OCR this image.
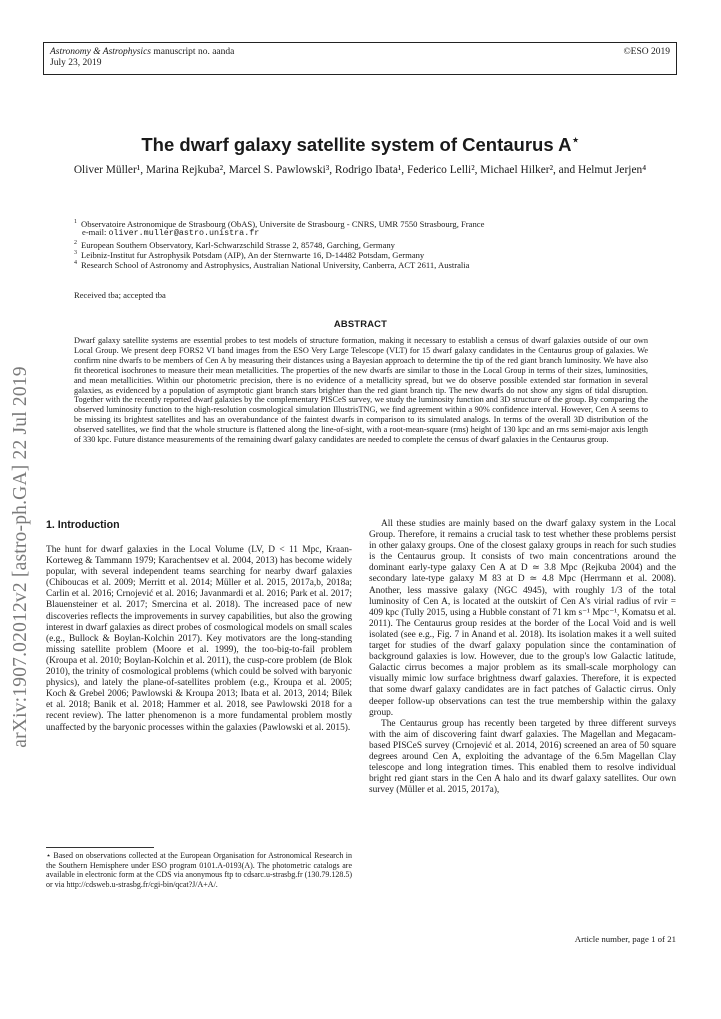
Astronomy & Astrophysics manuscript no. aanda	©ESO 2019
July 23, 2019
The dwarf galaxy satellite system of Centaurus A⋆
Oliver Müller¹, Marina Rejkuba², Marcel S. Pawlowski³, Rodrigo Ibata¹, Federico Lelli², Michael Hilker², and Helmut Jerjen⁴
$^1$ Observatoire Astronomique de Strasbourg (ObAS), Universite de Strasbourg - CNRS, UMR 7550 Strasbourg, France
e-mail: oliver.muller@astro.unistra.fr
$^2$ European Southern Observatory, Karl-Schwarzschild Strasse 2, 85748, Garching, Germany
$^3$ Leibniz-Institut fur Astrophysik Potsdam (AIP), An der Sternwarte 16, D-14482 Potsdam, Germany
$^4$ Research School of Astronomy and Astrophysics, Australian National University, Canberra, ACT 2611, Australia
Received tba; accepted tba
ABSTRACT
Dwarf galaxy satellite systems are essential probes to test models of structure formation, making it necessary to establish a census of dwarf galaxies outside of our own Local Group. We present deep FORS2 VI band images from the ESO Very Large Telescope (VLT) for 15 dwarf galaxy candidates in the Centaurus group of galaxies. We confirm nine dwarfs to be members of Cen A by measuring their distances using a Bayesian approach to determine the tip of the red giant branch luminosity. We have also fit theoretical isochrones to measure their mean metallicities. The properties of the new dwarfs are similar to those in the Local Group in terms of their sizes, luminosities, and mean metallicities. Within our photometric precision, there is no evidence of a metallicity spread, but we do observe possible extended star formation in several galaxies, as evidenced by a population of asymptotic giant branch stars brighter than the red giant branch tip. The new dwarfs do not show any signs of tidal disruption. Together with the recently reported dwarf galaxies by the complementary PISCeS survey, we study the luminosity function and 3D structure of the group. By comparing the observed luminosity function to the high-resolution cosmological simulation IllustrisTNG, we find agreement within a 90% confidence interval. However, Cen A seems to be missing its brightest satellites and has an overabundance of the faintest dwarfs in comparison to its simulated analogs. In terms of the overall 3D distribution of the observed satellites, we find that the whole structure is flattened along the line-of-sight, with a root-mean-square (rms) height of 130 kpc and an rms semi-major axis length of 330 kpc. Future distance measurements of the remaining dwarf galaxy candidates are needed to complete the census of dwarf galaxies in the Centaurus group.
arXiv:1907.02012v2 [astro-ph.GA] 22 Jul 2019 1. Introduction

The hunt for dwarf galaxies in the Local Volume (LV, D < 11 Mpc, Kraan-Korteweg & Tammann 1979; Karachentsev et al. 2004, 2013) has become widely popular, with several independent teams searching for nearby dwarf galaxies (Chiboucas et al. 2009; Merritt et al. 2014; Müller et al. 2015, 2017a,b, 2018a; Carlin et al. 2016; Crnojević et al. 2016; Javanmardi et al. 2016; Park et al. 2017; Blauensteiner et al. 2017; Smercina et al. 2018). The increased pace of new discoveries reflects the improvements in survey capabilities, but also the growing interest in dwarf galaxies as direct probes of cosmological models on small scales (e.g., Bullock & Boylan-Kolchin 2017). Key motivators are the long-standing missing satellite problem (Moore et al. 1999), the too-big-to-fail problem (Kroupa et al. 2010; Boylan-Kolchin et al. 2011), the cusp-core problem (de Blok 2010), the trinity of cosmological problems (which could be solved with baryonic physics), and lately the plane-of-satellites problem (e.g., Kroupa et al. 2005; Koch & Grebel 2006; Pawlowski & Kroupa 2013; Ibata et al. 2013, 2014; Bílek et al. 2018; Banik et al. 2018; Hammer et al. 2018, see Pawlowski 2018 for a recent review). The latter phenomenon is a more fundamental problem mostly unaffected by the baryonic processes within the galaxies (Pawlowski et al. 2015).

All these studies are mainly based on the dwarf galaxy system in the Local Group. Therefore, it remains a crucial task to test whether these problems persist in other galaxy groups. One of the closest galaxy groups in reach for such studies is the Centaurus group. It consists of two main concentrations around the dominant early-type galaxy Cen A at D ≃ 3.8 Mpc (Rejkuba 2004) and the secondary late-type galaxy M 83 at D ≃ 4.8 Mpc (Herrmann et al. 2008). Another, less massive galaxy (NGC 4945), with roughly 1/3 of the total luminosity of Cen A, is located at the outskirt of Cen A's virial radius of rvir = 409 kpc (Tully 2015, using a Hubble constant of 71 km s⁻¹ Mpc⁻¹, Komatsu et al. 2011). The Centaurus group resides at the border of the Local Void and is well isolated (see e.g., Fig. 7 in Anand et al. 2018). Its isolation makes it a well suited target for studies of the dwarf galaxy population since the contamination of background galaxies is low. However, due to the group's low Galactic latitude, Galactic cirrus becomes a major problem as its small-scale morphology can visually mimic low surface brightness dwarf galaxies. Therefore, it is expected that some dwarf galaxy candidates are in fact patches of Galactic cirrus. Only deeper follow-up observations can test the true membership within the galaxy group.

The Centaurus group has recently been targeted by three different surveys with the aim of discovering faint dwarf galaxies. The Magellan and Megacam-based PISCeS survey (Crnojević et al. 2014, 2016) screened an area of 50 square degrees around Cen A, exploiting the advantage of the 6.5m Magellan Clay telescope and long integration times. This enabled them to resolve individual bright red giant stars in the Cen A halo and its dwarf galaxy satellites. Our own survey (Müller et al. 2015, 2017a),

⋆ Based on observations collected at the European Organisation for Astronomical Research in the Southern Hemisphere under ESO program 0101.A-0193(A). The photometric catalogs are available in electronic form at the CDS via anonymous ftp to cdsarc.u-strasbg.fr (130.79.128.5) or via http://cdsweb.u-strasbg.fr/cgi-bin/qcat?J/A+A/.
Article number, page 1 of 21
